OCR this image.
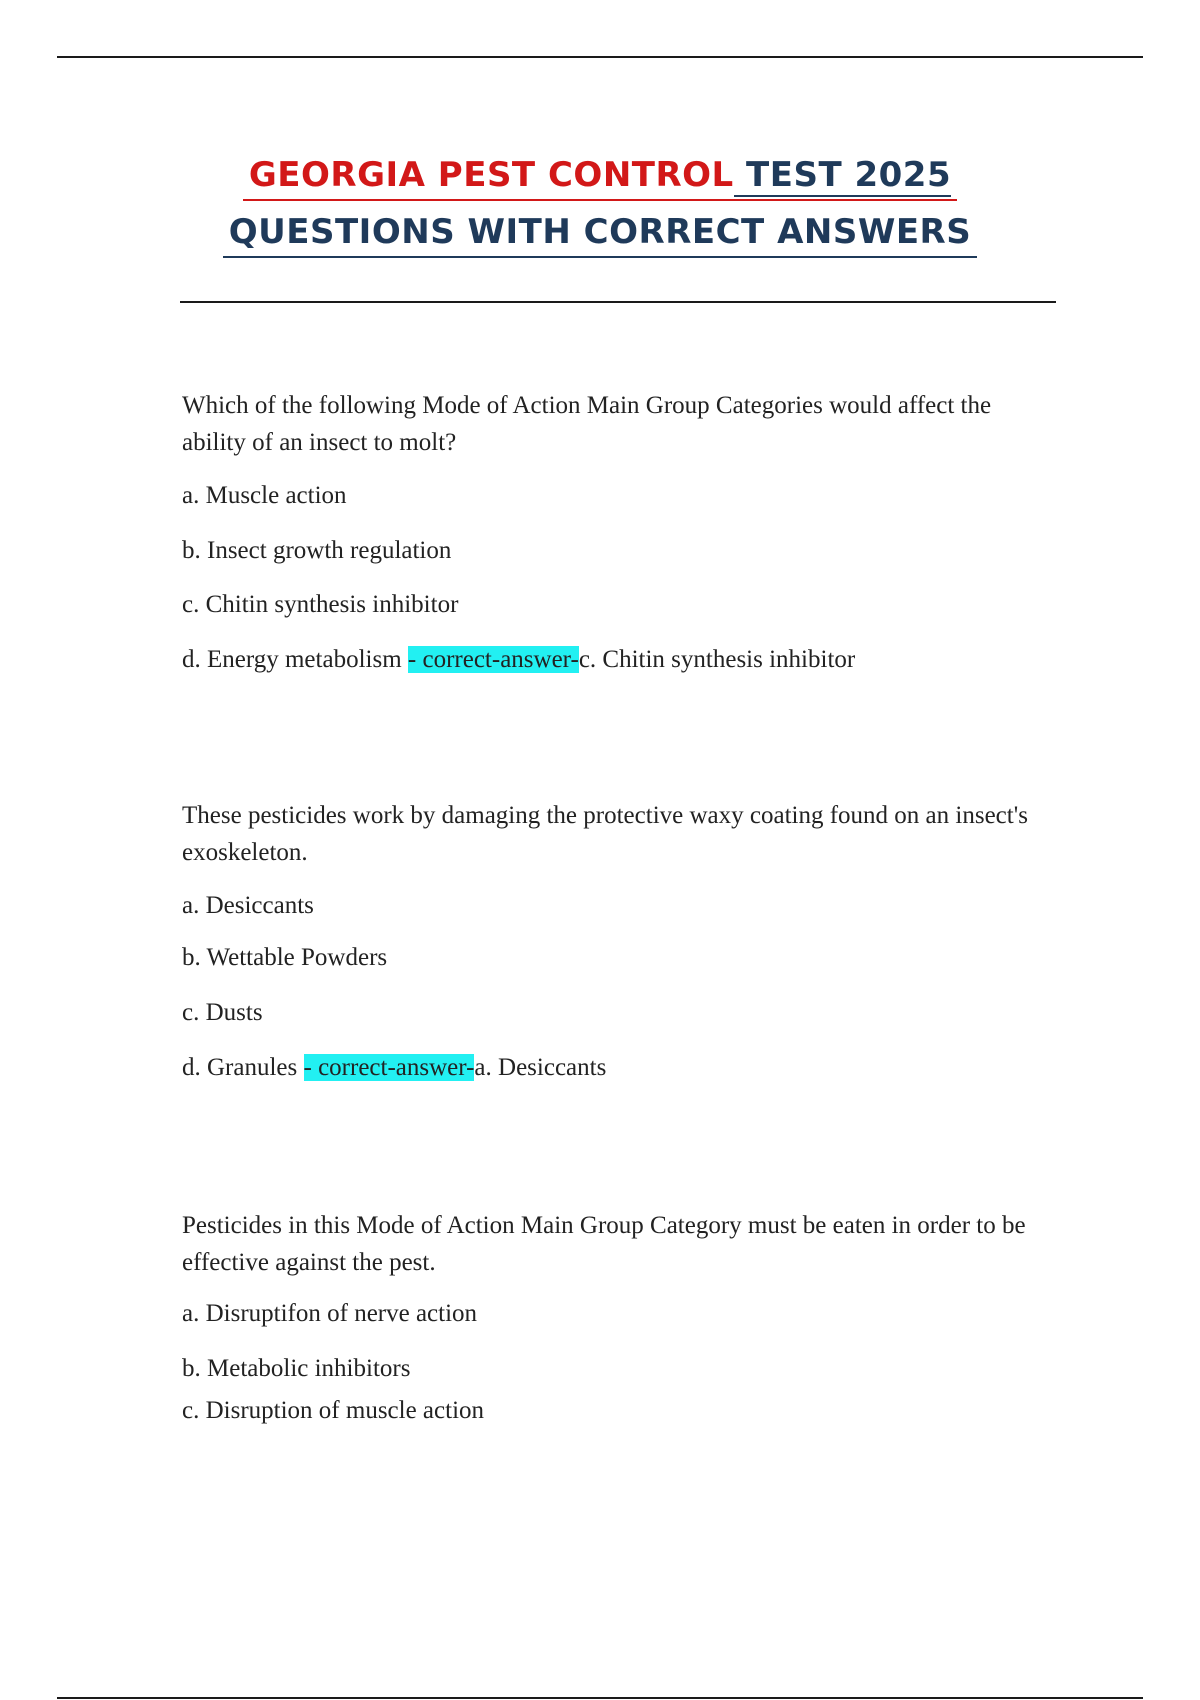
GEORGIA PEST CONTROL TEST 2025
QUESTIONS WITH CORRECT ANSWERS
Which of the following Mode of Action Main Group Categories would affect the ability of an insect to molt?
a. Muscle action
b. Insect growth regulation
c. Chitin synthesis inhibitor
d. Energy metabolism - correct-answer-c. Chitin synthesis inhibitor
These pesticides work by damaging the protective waxy coating found on an insect's exoskeleton.
a. Desiccants
b. Wettable Powders
c. Dusts
d. Granules - correct-answer-a. Desiccants
Pesticides in this Mode of Action Main Group Category must be eaten in order to be effective against the pest.
a. Disruptifon of nerve action
b. Metabolic inhibitors
c. Disruption of muscle action
